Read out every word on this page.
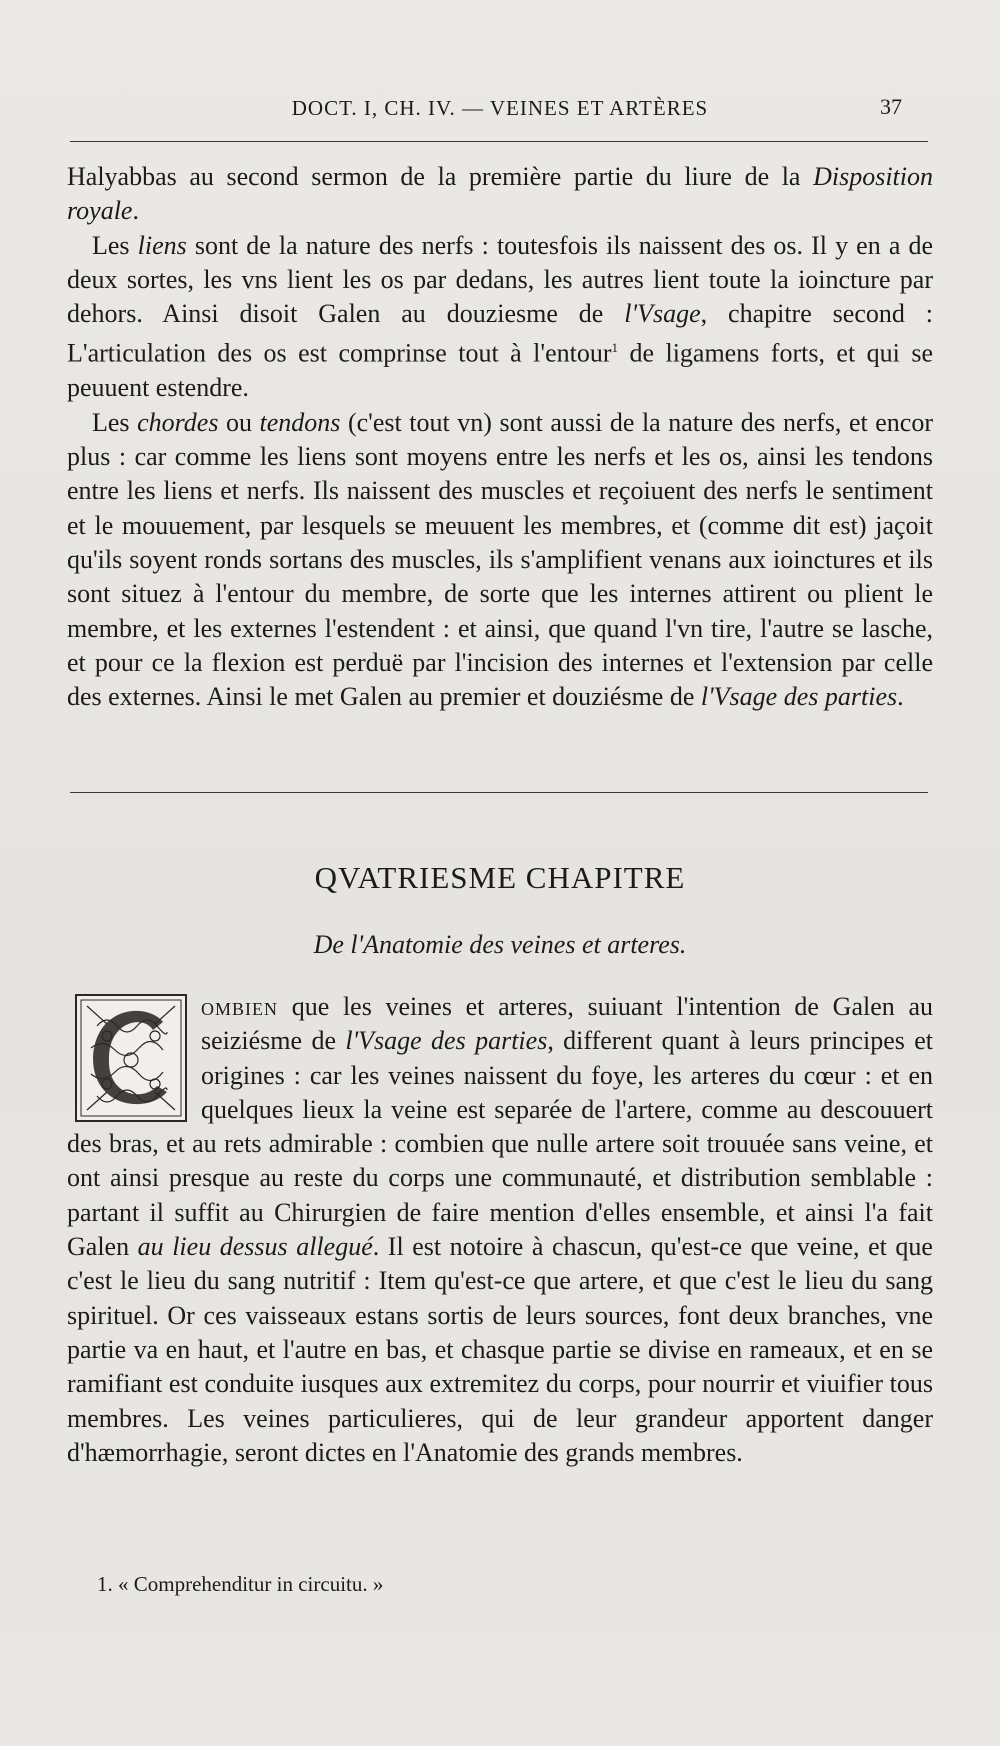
DOCT. I, CH. IV. — VEINES ET ARTÈRES	37

Halyabbas au second sermon de la première partie du liure de la Disposition royale.

Les liens sont de la nature des nerfs : toutesfois ils naissent des os. Il y en a de deux sortes, les vns lient les os par dedans, les autres lient toute la ioincture par dehors. Ainsi disoit Galen au douziesme de l'Vsage, chapitre second : L'articulation des os est comprinse tout à l'entour$^1$ de ligamens forts, et qui se peuuent estendre.

Les chordes ou tendons (c'est tout vn) sont aussi de la nature des nerfs, et encor plus : car comme les liens sont moyens entre les nerfs et les os, ainsi les tendons entre les liens et nerfs. Ils naissent des muscles et reçoiuent des nerfs le sentiment et le mouuement, par lesquels se meuuent les membres, et (comme dit est) jaçoit qu'ils soyent ronds sortans des muscles, ils s'amplifient venans aux ioinctures et ils sont situez à l'entour du membre, de sorte que les internes attirent ou plient le membre, et les externes l'estendent : et ainsi, que quand l'vn tire, l'autre se lasche, et pour ce la flexion est perduë par l'incision des internes et l'extension par celle des externes. Ainsi le met Galen au premier et douziésme de l'Vsage des parties.

QVATRIESME CHAPITRE
De l'Anatomie des veines et arteres.
ombien que les veines et arteres, suiuant l'intention de Galen au seiziésme de l'Vsage des parties, different quant à leurs principes et origines : car les veines naissent du foye, les arteres du cœur : et en quelques lieux la veine est separée de l'artere, comme au descouuert des bras, et au rets admirable : combien que nulle artere soit trouuée sans veine, et ont ainsi presque au reste du corps une communauté, et distribution semblable : partant il suffit au Chirurgien de faire mention d'elles ensemble, et ainsi l'a fait Galen au lieu dessus allegué. Il est notoire à chascun, qu'est-ce que veine, et que c'est le lieu du sang nutritif : Item qu'est-ce que artere, et que c'est le lieu du sang spirituel. Or ces vaisseaux estans sortis de leurs sources, font deux branches, vne partie va en haut, et l'autre en bas, et chasque partie se divise en rameaux, et en se ramifiant est conduite iusques aux extremitez du corps, pour nourrir et viuifier tous membres. Les veines particulieres, qui de leur grandeur apportent danger d'hæmorrhagie, seront dictes en l'Anatomie des grands membres.
1. « Comprehenditur in circuitu. »
